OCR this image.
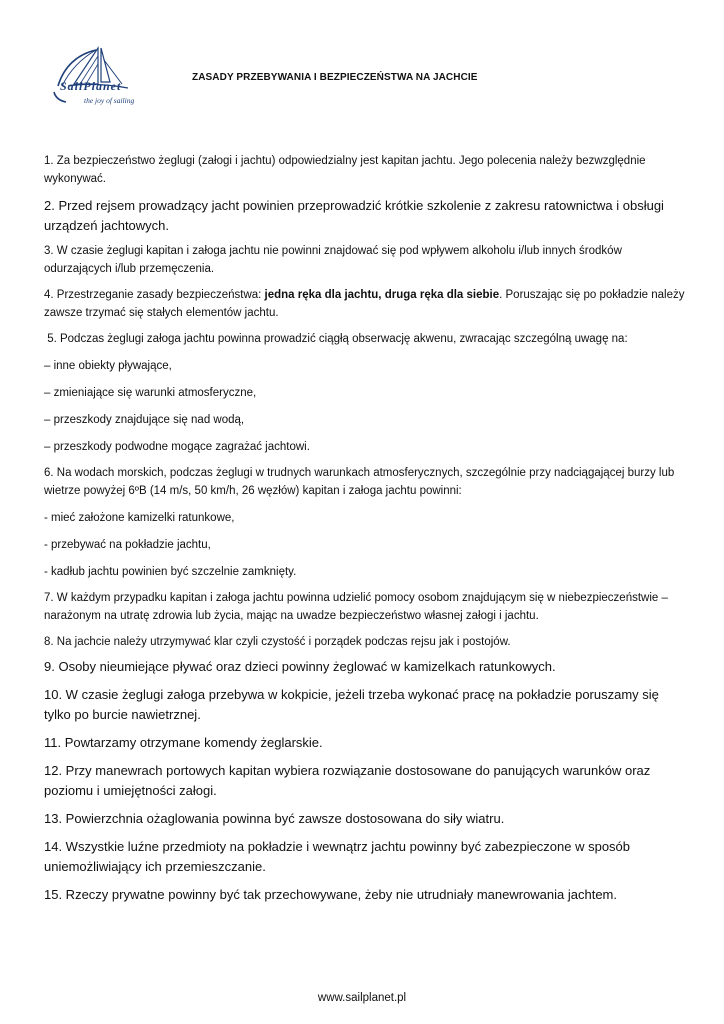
SailPlanet
the joy of sailing
ZASADY PRZEBYWANIA I BEZPIECZEŃSTWA NA JACHCIE

1. Za bezpieczeństwo żeglugi (załogi i jachtu) odpowiedzialny jest kapitan jachtu. Jego polecenia należy bezwzględnie wykonywać.

2. Przed rejsem prowadzący jacht powinien przeprowadzić krótkie szkolenie z zakresu ratownictwa i obsługi urządzeń jachtowych.

3. W czasie żeglugi kapitan i załoga jachtu nie powinni znajdować się pod wpływem alkoholu i/lub innych środków odurzających i/lub przemęczenia.

4. Przestrzeganie zasady bezpieczeństwa: jedna ręka dla jachtu, druga ręka dla siebie. Poruszając się po pokładzie należy zawsze trzymać się stałych elementów jachtu.

5. Podczas żeglugi załoga jachtu powinna prowadzić ciągłą obserwację akwenu, zwracając szczególną uwagę na:

– inne obiekty pływające,

– zmieniające się warunki atmosferyczne,

– przeszkody znajdujące się nad wodą,

– przeszkody podwodne mogące zagrażać jachtowi.

6. Na wodach morskich, podczas żeglugi w trudnych warunkach atmosferycznych, szczególnie przy nadciągającej burzy lub wietrze powyżej 6ºB (14 m/s, 50 km/h, 26 węzłów) kapitan i załoga jachtu powinni:

- mieć założone kamizelki ratunkowe,

- przebywać na pokładzie jachtu,

- kadłub jachtu powinien być szczelnie zamknięty.

7. W każdym przypadku kapitan i załoga jachtu powinna udzielić pomocy osobom znajdującym się w niebezpieczeństwie – narażonym na utratę zdrowia lub życia, mając na uwadze bezpieczeństwo własnej załogi i jachtu.

8. Na jachcie należy utrzymywać klar czyli czystość i porządek podczas rejsu jak i postojów.

9. Osoby nieumiejące pływać oraz dzieci powinny żeglować w kamizelkach ratunkowych.

10. W czasie żeglugi załoga przebywa w kokpicie, jeżeli trzeba wykonać pracę na pokładzie poruszamy się tylko po burcie nawietrznej.

11. Powtarzamy otrzymane komendy żeglarskie.

12. Przy manewrach portowych kapitan wybiera rozwiązanie dostosowane do panujących warunków oraz poziomu i umiejętności załogi.

13. Powierzchnia ożaglowania powinna być zawsze dostosowana do siły wiatru.

14. Wszystkie luźne przedmioty na pokładzie i wewnątrz jachtu powinny być zabezpieczone w sposób uniemożliwiający ich przemieszczanie.

15. Rzeczy prywatne powinny być tak przechowywane, żeby nie utrudniały manewrowania jachtem.

www.sailplanet.pl
